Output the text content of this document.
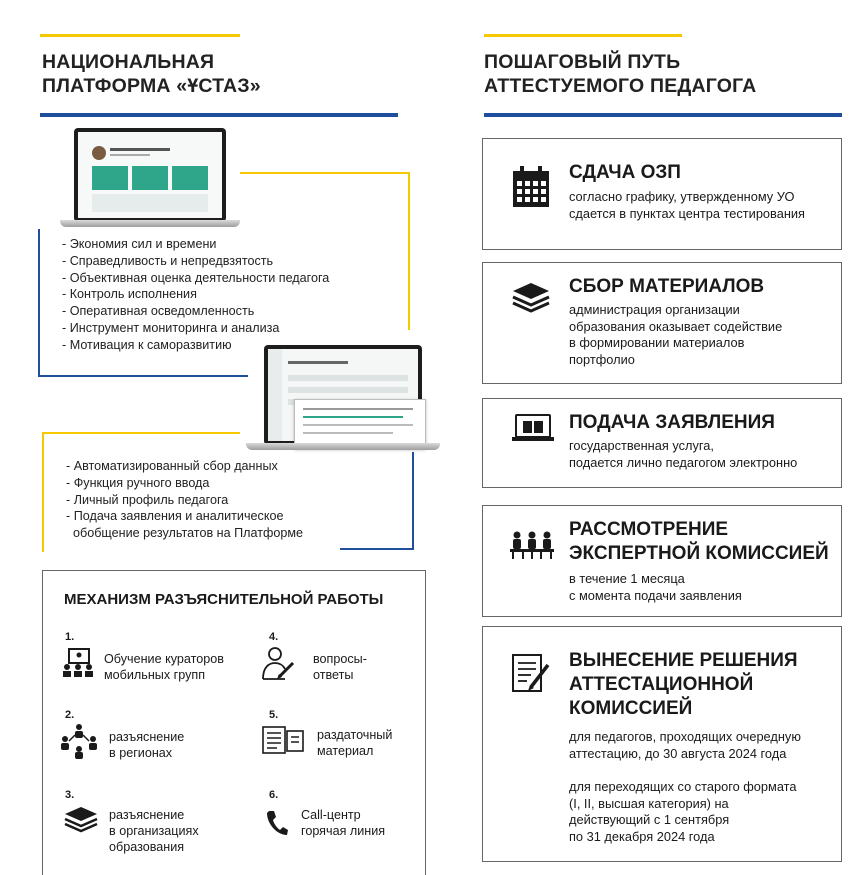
НАЦИОНАЛЬНАЯ
ПЛАТФОРМА «ҰСТАЗ»
- Экономия сил и времени
- Справедливость и непредвзятость
- Объективная оценка деятельности педагога
- Контроль исполнения
- Оперативная осведомленность
- Инструмент мониторинга и анализа
- Мотивация к саморазвитию
- Автоматизированный сбор данных
- Функция ручного ввода
- Личный профиль педагога
- Подача заявления и аналитическое
обобщение результатов на Платформе
МЕХАНИЗМ РАЗЪЯСНИТЕЛЬНОЙ РАБОТЫ
1.
Обучение кураторов
мобильных групп
2.
разъяснение
в регионах
3.
разъяснение
в организациях
образования
4.
вопросы-
ответы
5.
раздаточный
материал
6.
Call-центр
горячая линия
ПОШАГОВЫЙ ПУТЬ
АТТЕСТУЕМОГО ПЕДАГОГА
СДАЧА ОЗП
согласно графику, утвержденному УО
сдается в пунктах центра тестирования
СБОР МАТЕРИАЛОВ
администрация организации
образования оказывает содействие
в формировании материалов
портфолио
ПОДАЧА ЗАЯВЛЕНИЯ
государственная услуга,
подается лично педагогом электронно
РАССМОТРЕНИЕ
ЭКСПЕРТНОЙ КОМИССИЕЙ
в течение 1 месяца
с момента подачи заявления
ВЫНЕСЕНИЕ РЕШЕНИЯ
АТТЕСТАЦИОННОЙ
КОМИССИЕЙ
для педагогов, проходящих очередную
аттестацию, до 30 августа 2024 года
для переходящих со старого формата
(I, II, высшая категория) на
действующий с 1 сентября
по 31 декабря 2024 года
